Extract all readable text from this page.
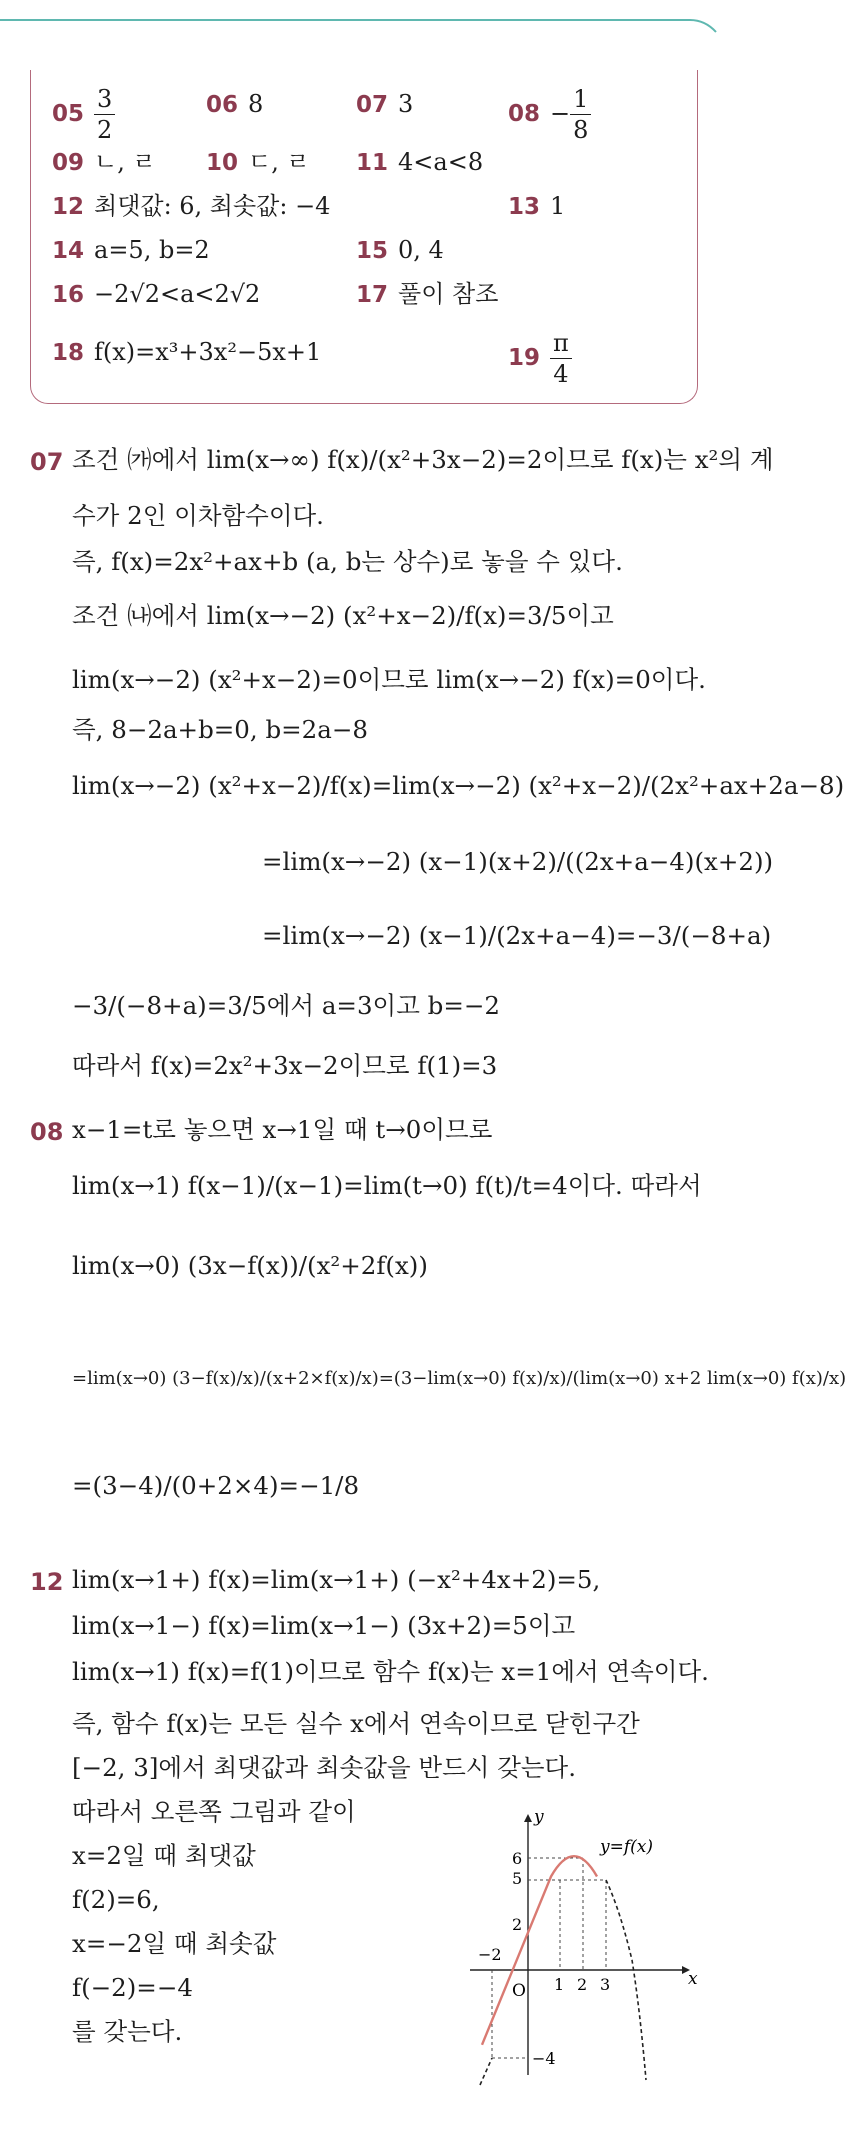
$05 \frac{3}{2}$	06 8	07 3	$08 - \frac{1}{8}$
09 ㄴ, ㄹ 10 ㄷ, ㄹ 11 4<a<8
12 최댓값: 6, 최솟값: −4	13 1
14 a=5, b=2	15 0, 4
16 −2√2<a<2√2	17 풀이 참조
18 f(x)=x³+3x²−5x+1	$19 \frac{\pi}{4}$
07 조건 ㈎에서 lim(x→∞) f(x)/(x²+3x−2)=2이므로 f(x)는 x²의 계
수가 2인 이차함수이다.
즉, f(x)=2x²+ax+b (a, b는 상수)로 놓을 수 있다.
조건 ㈏에서 lim(x→−2) (x²+x−2)/f(x)=3/5이고
lim(x→−2) (x²+x−2)=0이므로 lim(x→−2) f(x)=0이다.
즉, 8−2a+b=0, b=2a−8
lim(x→−2) (x²+x−2)/f(x)=lim(x→−2) (x²+x−2)/(2x²+ax+2a−8)
=lim(x→−2) (x−1)(x+2)/((2x+a−4)(x+2))
=lim(x→−2) (x−1)/(2x+a−4)=−3/(−8+a)
−3/(−8+a)=3/5에서 a=3이고 b=−2
따라서 f(x)=2x²+3x−2이므로 f(1)=3
08 x−1=t로 놓으면 x→1일 때 t→0이므로
lim(x→1) f(x−1)/(x−1)=lim(t→0) f(t)/t=4이다. 따라서
lim(x→0) (3x−f(x))/(x²+2f(x))
=lim(x→0) (3−f(x)/x)/(x+2×f(x)/x)=(3−lim(x→0) f(x)/x)/(lim(x→0) x+2 lim(x→0) f(x)/x)
=(3−4)/(0+2×4)=−1/8
12 lim(x→1+) f(x)=lim(x→1+) (−x²+4x+2)=5,
lim(x→1−) f(x)=lim(x→1−) (3x+2)=5이고
lim(x→1) f(x)=f(1)이므로 함수 f(x)는 x=1에서 연속이다.
즉, 함수 f(x)는 모든 실수 x에서 연속이므로 닫힌구간
[−2, 3]에서 최댓값과 최솟값을 반드시 갖는다.
따라서 오른쪽 그림과 같이
x=2일 때 최댓값
f(2)=6,
x=−2일 때 최솟값
f(−2)=−4
를 갖는다.
x
y
O
y=f(x)
−2
1 2 3
6
5
2
−4
